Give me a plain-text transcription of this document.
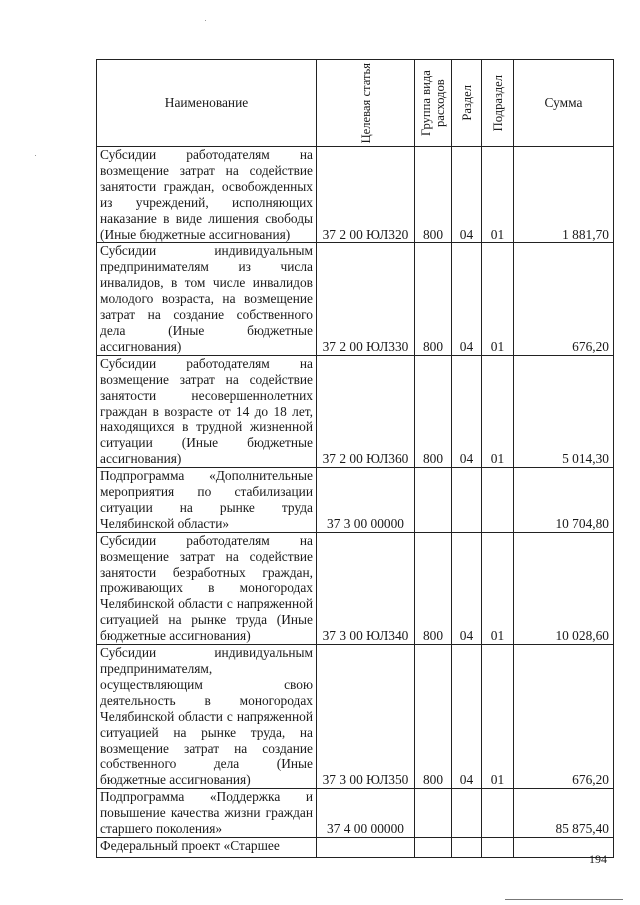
Наименование	Целевая статья	Группа вида расходов	Раздел	Подраздел	Сумма
Субсидии работодателям на возмещение затрат на содействие занятости граждан, освобожденных из учреждений, исполняющих наказание в виде лишения свободы (Иные бюджетные ассигнования)	37 2 00 ЮЛ320	800	04	01	1 881,70
Субсидии индивидуальным предпринимателям из числа инвалидов, в том числе инвалидов молодого возраста, на возмещение затрат на создание собственного дела (Иные бюджетные ассигнования)	37 2 00 ЮЛ330	800	04	01	676,20
Субсидии работодателям на возмещение затрат на содействие занятости несовершеннолетних граждан в возрасте от 14 до 18 лет, находящихся в трудной жизненной ситуации (Иные бюджетные ассигнования)	37 2 00 ЮЛ360	800	04	01	5 014,30
Подпрограмма «Дополнительные мероприятия по стабилизации ситуации на рынке труда Челябинской области»	37 3 00 00000				10 704,80
Субсидии работодателям на возмещение затрат на содействие занятости безработных граждан, проживающих в моногородах Челябинской области с напряженной ситуацией на рынке труда (Иные бюджетные ассигнования)	37 3 00 ЮЛ340	800	04	01	10 028,60
Субсидии индивидуальным предпринимателям, осуществляющим свою деятельность в моногородах Челябинской области с напряженной ситуацией на рынке труда, на возмещение затрат на создание собственного дела (Иные бюджетные ассигнования)	37 3 00 ЮЛ350	800	04	01	676,20
Подпрограмма «Поддержка и повышение качества жизни граждан старшего поколения»	37 4 00 00000				85 875,40
Федеральный проект «Старшее					
194
